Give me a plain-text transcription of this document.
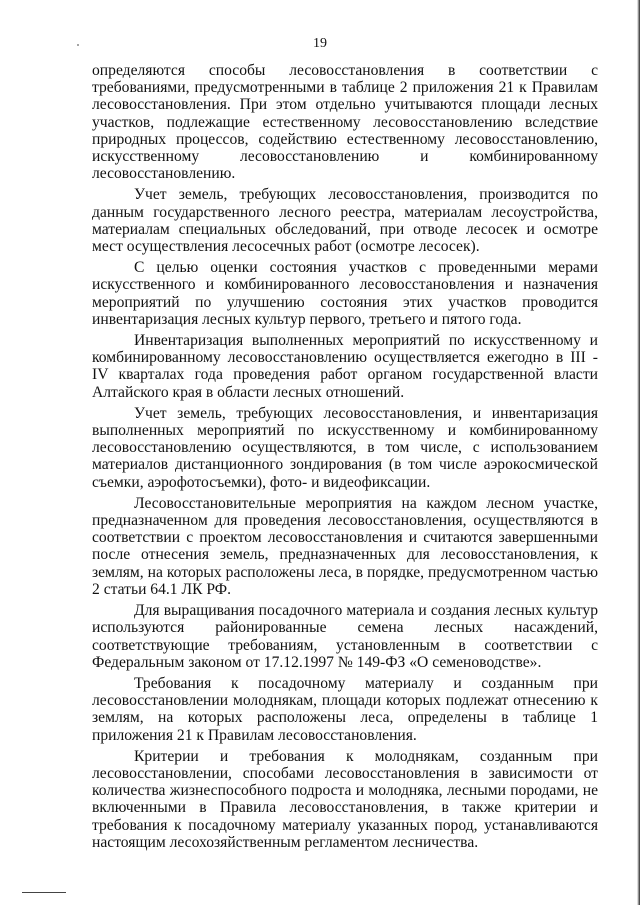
19

определяются способы лесовосстановления в соответствии с требованиями, предусмотренными в таблице 2 приложения 21 к Правилам лесовосстановления. При этом отдельно учитываются площади лесных участков, подлежащие естественному лесовосстановлению вследствие природных процессов, содействию естественному лесовосстановлению, искусственному лесовосстановлению и комбинированному лесовосстановлению.

Учет земель, требующих лесовосстановления, производится по данным государственного лесного реестра, материалам лесоустройства, материалам специальных обследований, при отводе лесосек и осмотре мест осуществления лесосечных работ (осмотре лесосек).

С целью оценки состояния участков с проведенными мерами искусственного и комбинированного лесовосстановления и назначения мероприятий по улучшению состояния этих участков проводится инвентаризация лесных культур первого, третьего и пятого года.

Инвентаризация выполненных мероприятий по искусственному и комбинированному лесовосстановлению осуществляется ежегодно в III - IV кварталах года проведения работ органом государственной власти Алтайского края в области лесных отношений.

Учет земель, требующих лесовосстановления, и инвентаризация выполненных мероприятий по искусственному и комбинированному лесовосстановлению осуществляются, в том числе, с использованием материалов дистанционного зондирования (в том числе аэрокосмической съемки, аэрофотосъемки), фото- и видеофиксации.

Лесовосстановительные мероприятия на каждом лесном участке, предназначенном для проведения лесовосстановления, осуществляются в соответствии с проектом лесовосстановления и считаются завершенными после отнесения земель, предназначенных для лесовосстановления, к землям, на которых расположены леса, в порядке, предусмотренном частью 2 статьи 64.1 ЛК РФ.

Для выращивания посадочного материала и создания лесных культур используются районированные семена лесных насаждений, соответствующие требованиям, установленным в соответствии с Федеральным законом от 17.12.1997 № 149-ФЗ «О семеноводстве».

Требования к посадочному материалу и созданным при лесовосстановлении молоднякам, площади которых подлежат отнесению к землям, на которых расположены леса, определены в таблице 1 приложения 21 к Правилам лесовосстановления.

Критерии и требования к молоднякам, созданным при лесовосстановлении, способами лесовосстановления в зависимости от количества жизнеспособного подроста и молодняка, лесными породами, не включенными в Правила лесовосстановления, в также критерии и требования к посадочному материалу указанных пород, устанавливаются настоящим лесохозяйственным регламентом лесничества.
